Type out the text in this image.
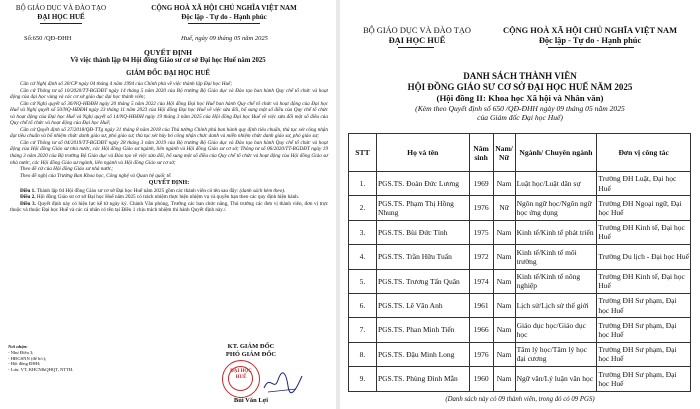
BỘ GIÁO DỤC VÀ ĐÀO TẠO
ĐẠI HỌC HUẾ
CỘNG HOÀ XÃ HỘI CHỦ NGHĨA VIỆT NAM
Độc lập - Tự do - Hạnh phúc
Số:650 /QĐ-ĐHH	Huế, ngày 09 tháng 05 năm 2025
QUYẾT ĐỊNH
Về việc thành lập 04 Hội đồng Giáo sư cơ sở Đại học Huế năm 2025
GIÁM ĐỐC ĐẠI HỌC HUẾ

Căn cứ Nghị định số 30/CP ngày 04 tháng 4 năm 1994 của Chính phủ về việc thành lập Đại học Huế;

Căn cứ Thông tư số 10/2020/TT-BGDĐT ngày 14 tháng 5 năm 2020 của Bộ trưởng Bộ Giáo dục và Đào tạo ban hành Quy chế tổ chức và hoạt động của đại học vùng và các cơ sở giáo dục đại học thành viên;

Căn cứ Nghị quyết số 36/NQ-HĐĐH ngày 20 tháng 5 năm 2022 của Hội đồng Đại học Huế ban hành Quy chế tổ chức và hoạt động của Đại học Huế và Nghị quyết số 50/NQ-HĐĐH ngày 23 tháng 11 năm 2023 của Hội đồng Đại học Huế về việc sửa đổi, bổ sung một số điều của Quy chế tổ chức và hoạt động của Đại học Huế và Nghị quyết số 14/NQ-HĐĐH ngày 19 tháng 3 năm 2025 của Hội đồng Đại học Huế về việc sửa đổi một số điều của Quy chế tổ chức và hoạt động của Đại học Huế;

Căn cứ Quyết định số 37/2018/QĐ-TTg ngày 31 tháng 8 năm 2018 của Thủ tướng Chính phủ ban hành quy định tiêu chuẩn, thủ tục xét công nhận đạt tiêu chuẩn và bổ nhiệm chức danh giáo sư, phó giáo sư; thủ tục xét hủy bỏ công nhận chức danh và miễn nhiệm chức danh giáo sư, phó giáo sư;

Căn cứ Thông tư số 04/2019/TT-BGDĐT ngày 28 tháng 3 năm 2019 của Bộ trưởng Bộ Giáo dục và Đào tạo ban hành Quy chế tổ chức và hoạt động của Hội đồng Giáo sư nhà nước, các Hội đồng Giáo sư ngành, liên ngành và Hội đồng Giáo sư cơ sở; Thông tư số 06/2020/TT-BGDĐT ngày 19 tháng 3 năm 2020 của Bộ trưởng Bộ Giáo dục và Đào tạo về việc sửa đổi, bổ sung một số điều của Quy chế tổ chức và hoạt động của Hội đồng Giáo sư nhà nước, các Hội đồng Giáo sư ngành, liên ngành và Hội đồng Giáo sư cơ sở;

Theo đề cử của Hội đồng Giáo sư nhà nước;

Theo đề nghị của Trưởng Ban Khoa học, Công nghệ và Quan hệ quốc tế.

QUYẾT ĐỊNH:

Điều 1. Thành lập 04 Hội đồng Giáo sư cơ sở Đại học Huế năm 2025 gồm các thành viên có tên sau đây: (danh sách kèm theo).

Điều 2. Hội đồng Giáo sư cơ sở Đại học Huế năm 2025 có trách nhiệm thực hiện nhiệm vụ và quyền hạn theo các quy định hiện hành.

Điều 3. Quyết định này có hiệu lực kể từ ngày ký. Chánh Văn phòng, Trưởng các ban chức năng, Thủ trưởng các đơn vị thành viên, đơn vị trực thuộc và thuộc Đại học Huế và các cá nhân có tên tại Điều 1 chịu trách nhiệm thi hành Quyết định này./.

Nơi nhận:
- Như Điều 3;
- HĐGSNN (để b/c);
- Hội đồng ĐHH;
- Lưu: VT, KHCN&QHQT, NTTH.
KT. GIÁM ĐỐC
PHÓ GIÁM ĐỐC
ĐẠI HỌC
HUẾ
Bùi Văn Lợi
BỘ GIÁO DỤC VÀ ĐÀO TẠO
ĐẠI HỌC HUẾ
CỘNG HOÀ XÃ HỘI CHỦ NGHĨA VIỆT NAM
Độc lập - Tự do - Hạnh phúc
DANH SÁCH THÀNH VIÊN
HỘI ĐỒNG GIÁO SƯ CƠ SỞ ĐẠI HỌC HUẾ NĂM 2025
(Hội đồng II: Khoa học Xã hội và Nhân văn)
(Kèm theo Quyết định số 650 /QĐ-ĐHH ngày 09 tháng 05 năm 2025
của Giám đốc Đại học Huế)
STT	Họ và tên	Năm sinh	Nam/ Nữ	Ngành/ Chuyên ngành	Đơn vị công tác
1.	PGS.TS. Đoàn Đức Lương	1969	Nam	Luật học/Luật dân sự	Trường ĐH Luật, Đại học Huế
2.	PGS.TS. Phạm Thị Hồng Nhung	1976	Nữ	Ngôn ngữ học/Ngôn ngữ học ứng dụng	Trường ĐH Ngoại ngữ, Đại học Huế
3.	PGS.TS. Bùi Đức Tính	1975	Nam	Kinh tế/Kinh tế phát triển	Trường ĐH Kinh tế, Đại học Huế
4.	PGS.TS. Trần Hữu Tuấn	1972	Nam	Kinh tế/Kinh tế môi trường	Trường Du lịch - Đại học Huế
5.	PGS.TS. Trương Tấn Quân	1974	Nam	Kinh tế/Kinh tế nông nghiệp	Trường ĐH Kinh tế, Đại học Huế
6.	PGS.TS. Lê Văn Anh	1961	Nam	Lịch sử/Lịch sử thế giới	Trường ĐH Sư phạm, Đại học Huế
7.	PGS.TS. Phan Minh Tiến	1966	Nam	Giáo dục học/Giáo dục học	Trường ĐH Sư phạm, Đại học Huế
8.	PGS.TS. Đậu Minh Long	1976	Nam	Tâm lý học/Tâm lý học đại cương	Trường ĐH Sư phạm, Đại học Huế
9.	PGS.TS. Phùng Đình Mẫn	1960	Nam	Ngữ văn/Lý luận văn học	Trường ĐH Sư phạm, Đại học Huế
(Danh sách này có 09 thành viên, trong đó có 09 PGS)
